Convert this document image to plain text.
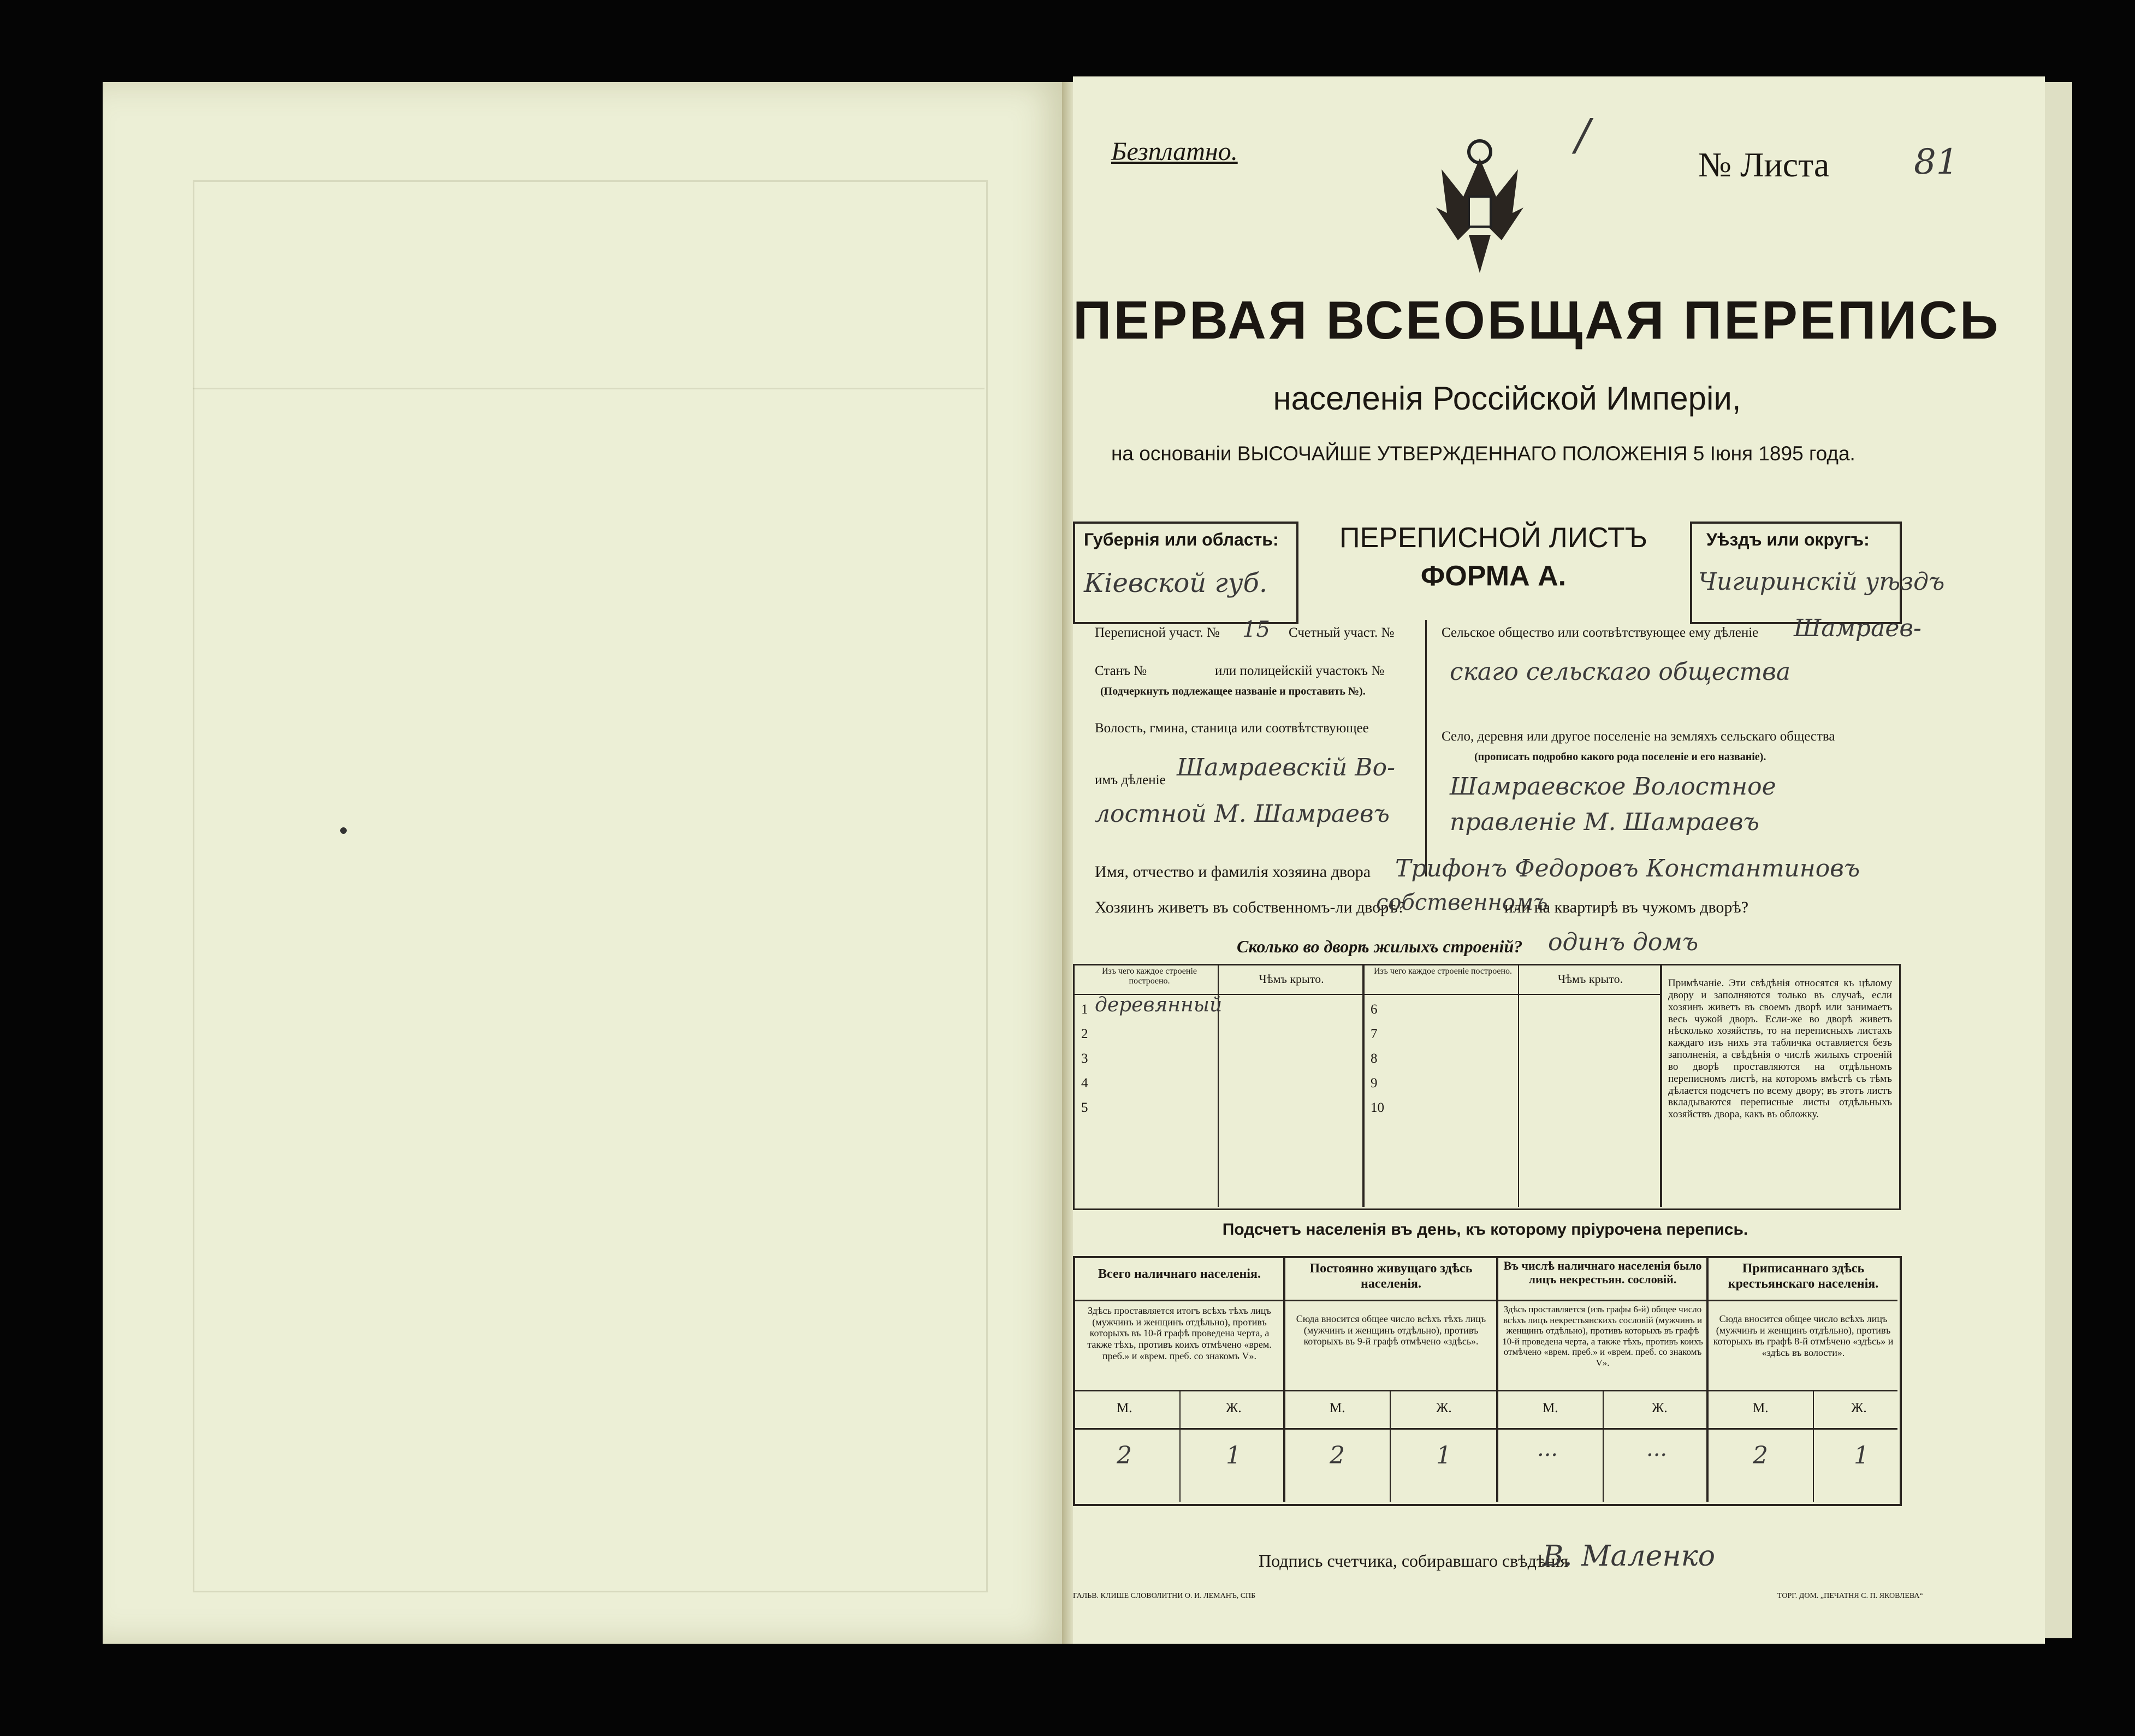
Безплатно.	/
№ Листа 81
ПЕРВАЯ ВСЕОБЩАЯ ПЕРЕПИСЬ
населенія Россійской Имперіи,
на основаніи ВЫСОЧАЙШЕ УТВЕРЖДЕННАГО ПОЛОЖЕНІЯ 5 Іюня 1895 года.
Губернія или область:
Кіевской губ.
ПЕРЕПИСНОЙ ЛИСТЪ
ФОРМА А.
Уѣздъ или округъ:
Чигиринскій уѣздъ
Переписной участ. № 15 Счетный участ. №
Станъ №	или полицейскій участокъ №
(Подчеркнуть подлежащее названіе и проставить №).
Волость, гмина, станица или соотвѣтствующее
имъ дѣленіе Шамраевскій Во-
лостной М. Шамраевъ
Сельское общество или соотвѣтствующее ему дѣленіе Шамраев-
скаго сельскаго общества
Село, деревня или другое поселеніе на земляхъ сельскаго общества
(прописать подробно какого рода поселеніе и его названіе).
Шамраевское Волостное
правленіе М. Шамраевъ
Имя, отчество и фамилія хозяина двора Трифонъ Федоровъ Константиновъ
Хозяинъ живетъ въ собственномъ-ли дворѣ?
собственномъ
или на квартирѣ въ чужомъ дворѣ?
Сколько во дворѣ жилыхъ строеній? одинъ домъ
Изъ чего каждое строеніе построено.	Чѣмъ крыто.
Изъ чего каждое строеніе построено.
Чѣмъ крыто.
1 деревянный
2
3
4
5
6
7
8
9
10
Примѣчаніе. Эти свѣдѣнія относятся къ цѣлому двору и заполняются только въ случаѣ, если хозяинъ живетъ въ своемъ дворѣ или занимаетъ весь чужой дворъ. Если-же во дворѣ живетъ нѣсколько хозяйствъ, то на переписныхъ листахъ каждаго изъ нихъ эта табличка оставляется безъ заполненія, а свѣдѣнія о числѣ жилыхъ строеній во дворѣ проставляются на отдѣльномъ переписномъ листѣ, на которомъ вмѣстѣ съ тѣмъ дѣлается подсчетъ по всему двору; въ этотъ листъ вкладываются переписные листы отдѣльныхъ хозяйствъ двора, какъ въ обложку.
Подсчетъ населенія въ день, къ которому пріурочена перепись.
Всего наличнаго населенія.	Постоянно живущаго здѣсь населенія.
Въ числѣ наличнаго населенія было лицъ некрестьян. сословій.
Приписаннаго здѣсь крестьянскаго населенія.
Здѣсь проставляется итогъ всѣхъ тѣхъ лицъ (мужчинъ и женщинъ отдѣльно), противъ которыхъ въ 10-й графѣ проведена черта, а также тѣхъ, противъ коихъ отмѣчено «врем. преб.» и «врем. преб. со знакомъ V».
Сюда вносится общее число всѣхъ тѣхъ лицъ (мужчинъ и женщинъ отдѣльно), противъ которыхъ въ 9-й графѣ отмѣчено «здѣсь».
Здѣсь проставляется (изъ графы 6-й) общее число всѣхъ лицъ некрестьянскихъ сословій (мужчинъ и женщинъ отдѣльно), противъ которыхъ въ графѣ 10-й проведена черта, а также тѣхъ, противъ коихъ отмѣчено «врем. преб.» и «врем. преб. со знакомъ V».
Сюда вносится общее число всѣхъ лицъ (мужчинъ и женщинъ отдѣльно), противъ которыхъ въ графѣ 8-й отмѣчено «здѣсь» и «здѣсь въ волости».
М.	Ж.	М.	Ж.	М.	Ж.	М.	Ж.
2	1	2	1	...	...	2	1
Подпись счетчика, собиравшаго свѣдѣнія
В. Маленко
ГАЛЬВ. КЛИШЕ СЛОВОЛИТНИ О. И. ЛЕМАНЪ, СПБ	ТОРГ. ДОМ. „ПЕЧАТНЯ С. П. ЯКОВЛЕВА“
